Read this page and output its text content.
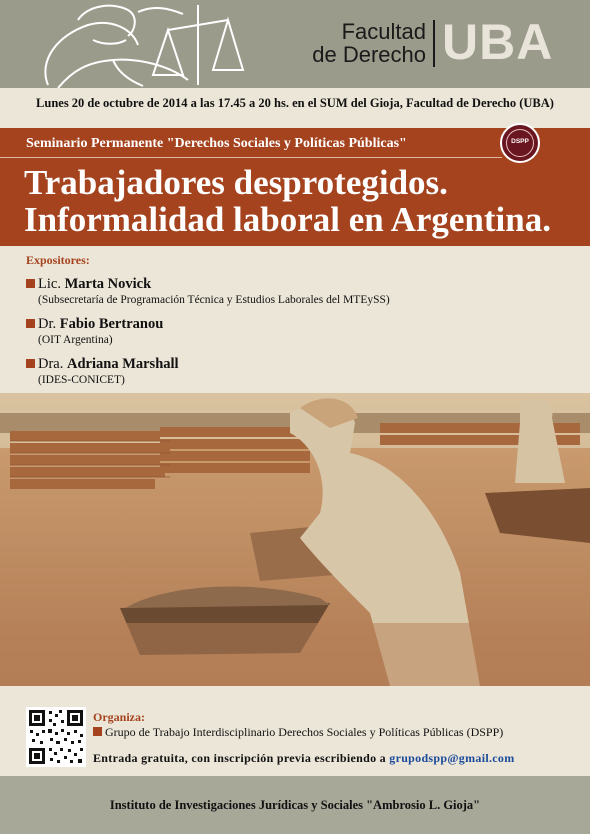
Facultad
de Derecho UBA
Lunes 20 de octubre de 2014 a las 17.45 a 20 hs. en el SUM del Gioja, Facultad de Derecho (UBA)
Seminario Permanente "Derechos Sociales y Políticas Públicas"	DSPP
Trabajadores desprotegidos.
Informalidad laboral en Argentina.
Expositores:
Lic. Marta Novick
(Subsecretaría de Programación Técnica y Estudios Laborales del MTEySS)
Dr. Fabio Bertranou
(OIT Argentina)
Dra. Adriana Marshall
(IDES-CONICET)
Organiza:
Grupo de Trabajo Interdisciplinario Derechos Sociales y Políticas Públicas (DSPP)
Entrada gratuita, con inscripción previa escribiendo a grupodspp@gmail.com
Instituto de Investigaciones Jurídicas y Sociales "Ambrosio L. Gioja"
